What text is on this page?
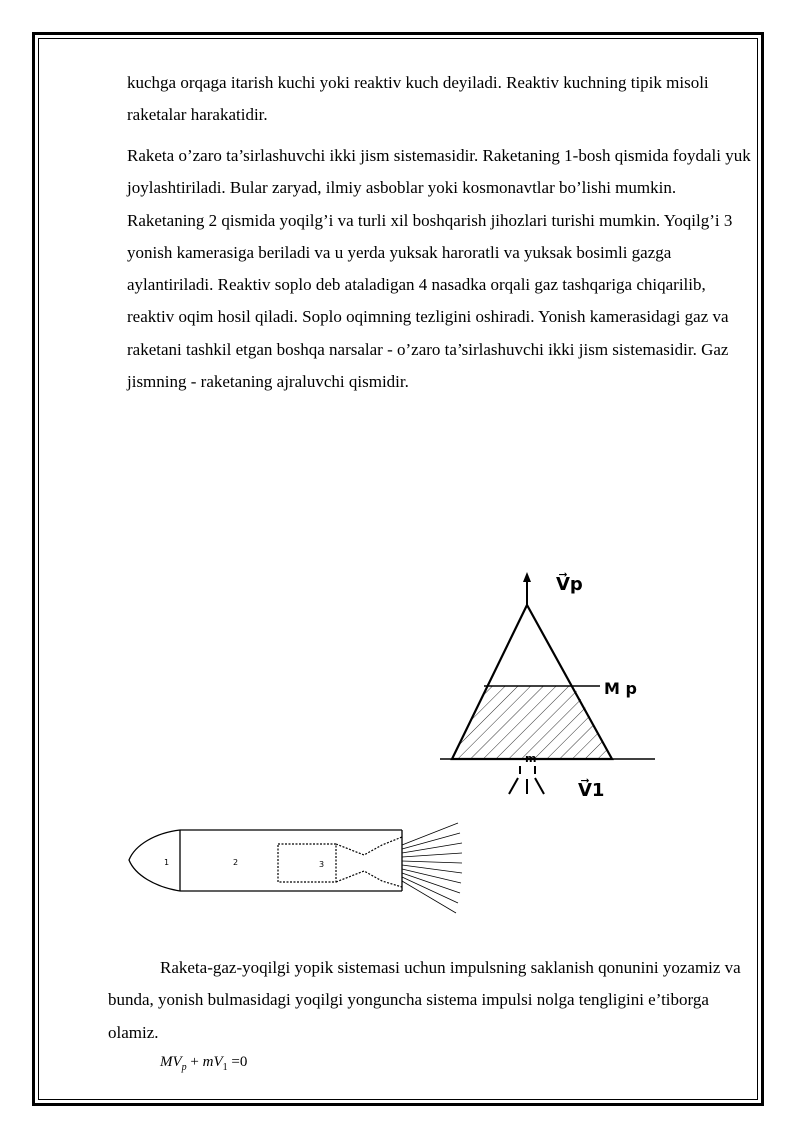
kuchga orqaga itarish kuchi yoki reaktiv kuch deyiladi. Reaktiv kuchning tipik misoli raketalar harakatidir.

Raketa o’zaro ta’sirlashuvchi ikki jism sistemasidir. Raketaning 1-bosh qismida foydali yuk joylashtiriladi. Bular zaryad, ilmiy asboblar yoki kosmonavtlar bo’lishi mumkin. Raketaning 2 qismida yoqilg’i va turli xil boshqarish jihozlari turishi mumkin. Yoqilg’i 3 yonish kamerasiga beriladi va u yerda yuksak haroratli va yuksak bosimli gazga aylantiriladi. Reaktiv soplo deb ataladigan 4 nasadka orqali gaz tashqariga chiqarilib, reaktiv oqim hosil qiladi. Soplo oqimning tezligini oshiradi. Yonish kamerasidagi gaz va raketani tashkil etgan boshqa narsalar - o’zaro ta’sirlashuvchi ikki jism sistemasidir. Gaz jismning - raketaning ajraluvchi qismidir.

V⃗p
M p
m
V⃗1
1	2	3

Raketa-gaz-yoqilgi yopik sistemasi uchun impulsning saklanish qonunini yozamiz va bunda, yonish bulmasidagi yoqilgi yonguncha sistema impulsi nolga tengligini e’tiborga olamiz.

$MV_p + mV_1 =0$
